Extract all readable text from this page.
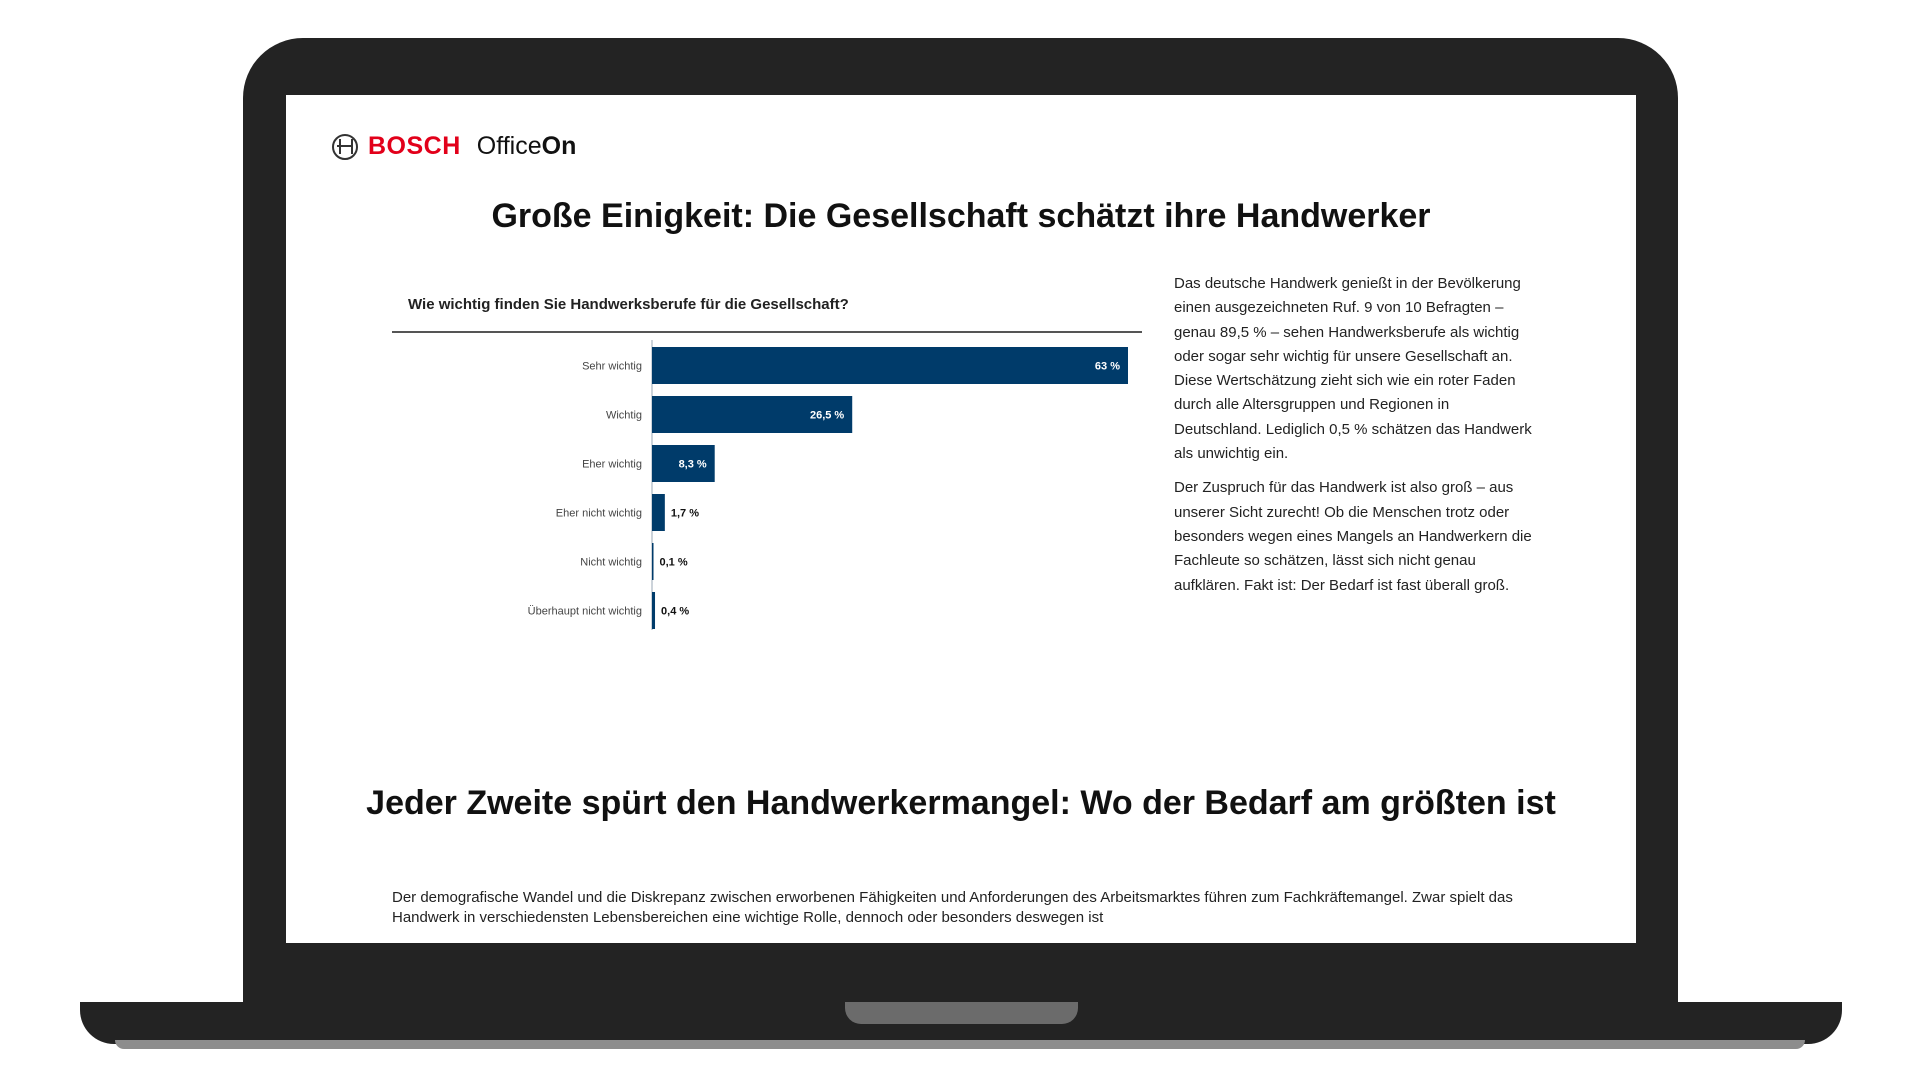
BOSCH OfficeOn
Große Einigkeit: Die Gesellschaft schätzt ihre Handwerker
Wie wichtig finden Sie Handwerksberufe für die Gesellschaft?
Sehr wichtig	63 %
Wichtig	26,5 %
Eher wichtig	8,3 %
Eher nicht wichtig	1,7 %
Nicht wichtig 0,1 %
Überhaupt nicht wichtig 0,4 %

Das deutsche Handwerk genießt in der Bevölkerung einen ausgezeichneten Ruf. 9 von 10 Befragten – genau 89,5 % – sehen Handwerksberufe als wichtig oder sogar sehr wichtig für unsere Gesellschaft an. Diese Wertschätzung zieht sich wie ein roter Faden durch alle Altersgruppen und Regionen in Deutschland. Lediglich 0,5 % schätzen das Handwerk als unwichtig ein.

Der Zuspruch für das Handwerk ist also groß – aus unserer Sicht zurecht! Ob die Menschen trotz oder besonders wegen eines Mangels an Handwerkern die Fachleute so schätzen, lässt sich nicht genau aufklären. Fakt ist: Der Bedarf ist fast überall groß.

Jeder Zweite spürt den Handwerkermangel: Wo der Bedarf am größten ist
Der demografische Wandel und die Diskrepanz zwischen erworbenen Fähigkeiten und Anforderungen des Arbeitsmarktes führen zum Fachkräftemangel. Zwar spielt das Handwerk in verschiedensten Lebensbereichen eine wichtige Rolle, dennoch oder besonders deswegen ist
